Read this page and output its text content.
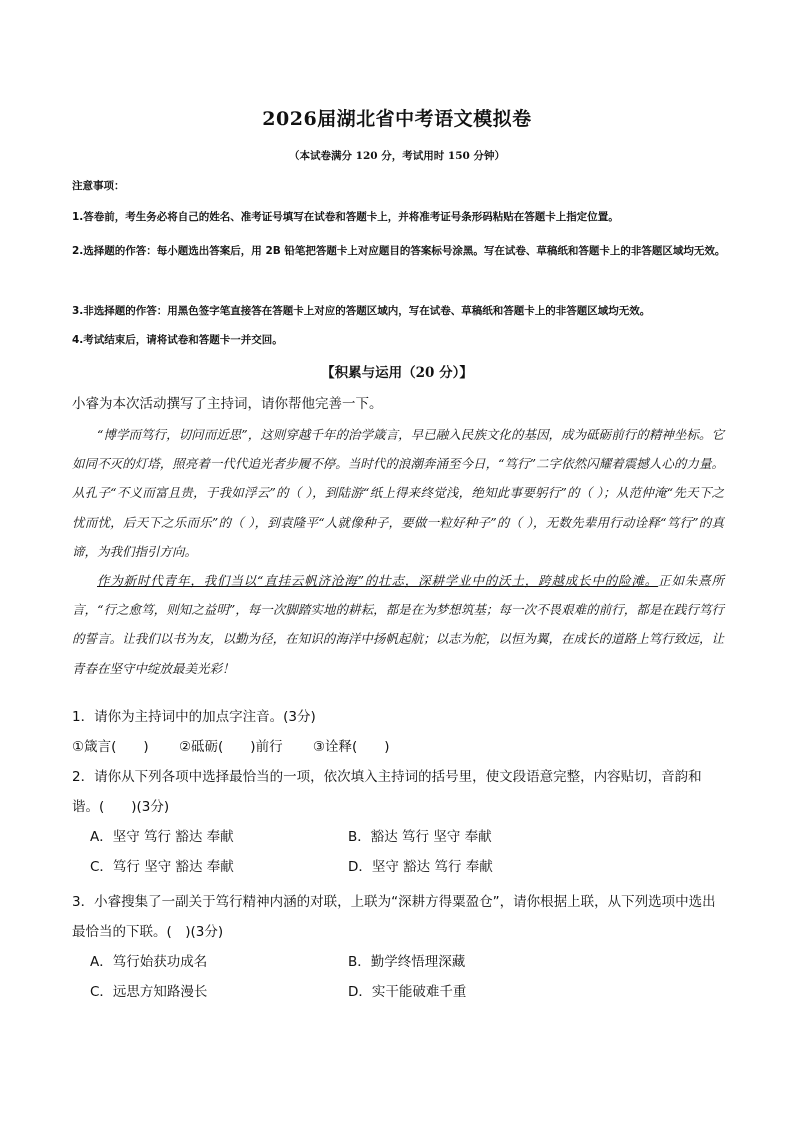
2026届湖北省中考语文模拟卷
（本试卷满分 120 分，考试用时 150 分钟）

注意事项：

1.答卷前，考生务必将自己的姓名、准考证号填写在试卷和答题卡上，并将准考证号条形码粘贴在答题卡上指定位置。

2.选择题的作答：每小题选出答案后，用 2B 铅笔把答题卡上对应题目的答案标号涂黑。写在试卷、草稿纸和答题卡上的非答题区域均无效。

3.非选择题的作答：用黑色签字笔直接答在答题卡上对应的答题区域内，写在试卷、草稿纸和答题卡上的非答题区域均无效。

4.考试结束后，请将试卷和答题卡一并交回。

【积累与运用（20 分）】

小睿为本次活动撰写了主持词，请你帮他完善一下。

“博学而笃行，切问而近思”，这则穿越千年的治学箴言，早已融入民族文化的基因，成为砥砺前行的精神坐标。它如同不灭的灯塔，照亮着一代代追光者步履不停。当时代的浪潮奔涌至今日，“笃行”二字依然闪耀着震撼人心的力量。从孔子“不义而富且贵，于我如浮云”的（ ），到陆游“纸上得来终觉浅，绝知此事要躬行”的（ ）；从范仲淹“先天下之忧而忧，后天下之乐而乐”的（ ），到袁隆平“人就像种子，要做一粒好种子”的（ ），无数先辈用行动诠释“笃行”的真谛，为我们指引方向。

作为新时代青年，我们当以“直挂云帆济沧海”的壮志，深耕学业中的沃土，跨越成长中的险滩。正如朱熹所言，“行之愈笃，则知之益明”，每一次脚踏实地的耕耘，都是在为梦想筑基；每一次不畏艰难的前行，都是在践行笃行的誓言。让我们以书为友，以勤为径，在知识的海洋中扬帆起航；以志为舵，以恒为翼，在成长的道路上笃行致远，让青春在坚守中绽放最美光彩！

1．请你为主持词中的加点字注音。(3分)

①箴言(　　) ②砥砺(　　)前行 ③诠释(　　)

2．请你从下列各项中选择最恰当的一项，依次填入主持词的括号里，使文段语意完整，内容贴切，音韵和谐。(　　)(3分)

A．坚守 笃行 豁达 奉献	B．豁达 笃行 坚守 奉献
C．笃行 坚守 豁达 奉献	D．坚守 豁达 笃行 奉献

3．小睿搜集了一副关于笃行精神内涵的对联，上联为“深耕方得粟盈仓”，请你根据上联，从下列选项中选出最恰当的下联。(　)(3分)

A．笃行始获功成名	B．勤学终悟理深藏
C．远思方知路漫长	D．实干能破难千重
